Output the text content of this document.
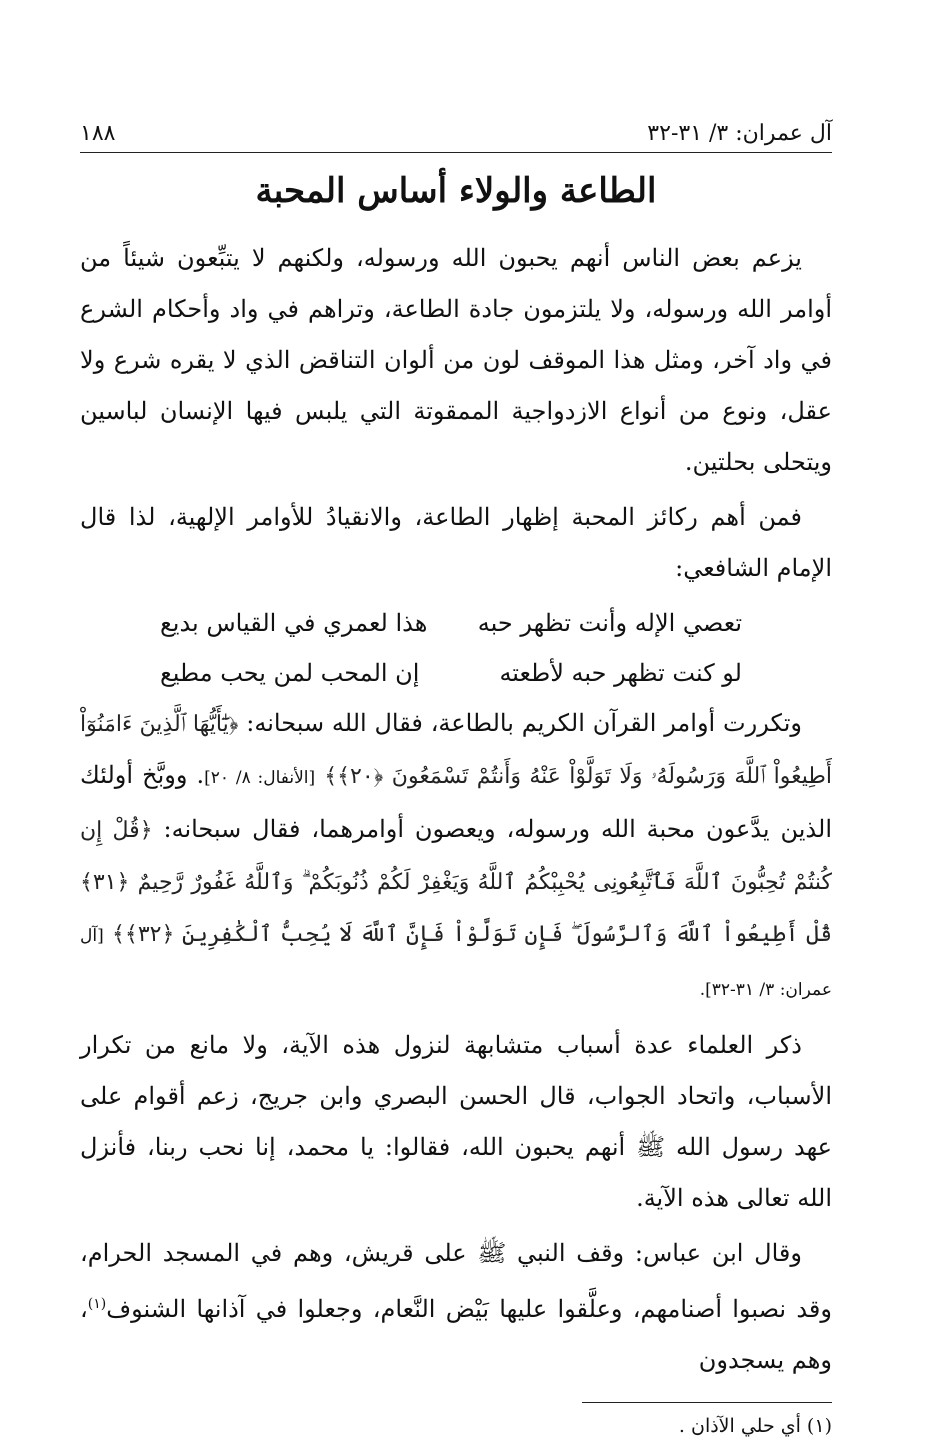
آل عمران: ٣/ ٣١-٣٢
١٨٨
الطاعة والولاء أساس المحبة

يزعم بعض الناس أنهم يحبون الله ورسوله، ولكنهم لا يتبِّعون شيئاً من أوامر الله ورسوله، ولا يلتزمون جادة الطاعة، وتراهم في واد وأحكام الشرع في واد آخر، ومثل هذا الموقف لون من ألوان التناقض الذي لا يقره شرع ولا عقل، ونوع من أنواع الازدواجية الممقوتة التي يلبس فيها الإنسان لباسين ويتحلى بحلتين.

فمن أهم ركائز المحبة إظهار الطاعة، والانقيادُ للأوامر الإلهية، لذا قال الإمام الشافعي:

تعصي الإله وأنت تظهر حبه
هذا لعمري في القياس بديع
لو كنت تظهر حبه لأطعته
إن المحب لمن يحب مطيع

وتكررت أوامر القرآن الكريم بالطاعة، فقال الله سبحانه: ﴿يَٰٓأَيُّهَا ٱلَّذِينَ ءَامَنُوٓاْ أَطِيعُواْ ٱللَّهَ وَرَسُولَهُۥ وَلَا تَوَلَّوْاْ عَنْهُ وَأَنتُمْ تَسْمَعُونَ ﴿٢٠﴾﴾ [الأنفال: ٨/ ٢٠]. ووبَّخ أولئك الذين يدَّعون محبة الله ورسوله، ويعصون أوامرهما، فقال سبحانه: ﴿قُلْ إِن كُنتُمْ تُحِبُّونَ ٱللَّهَ فَٱتَّبِعُونِى يُحْبِبْكُمُ ٱللَّهُ وَيَغْفِرْ لَكُمْ ذُنُوبَكُمْ ۗ وَٱللَّهُ غَفُورٌ رَّحِيمٌ ﴿٣١﴾ قُلْ أَطِيعُواْ ٱللَّهَ وَٱلرَّسُولَ ۖ فَإِن تَوَلَّوْاْ فَإِنَّ ٱللَّهَ لَا يُحِبُّ ٱلْكَٰفِرِينَ ﴿٣٢﴾﴾ [آل عمران: ٣/ ٣١-٣٢].

ذكر العلماء عدة أسباب متشابهة لنزول هذه الآية، ولا مانع من تكرار الأسباب، واتحاد الجواب، قال الحسن البصري وابن جريج، زعم أقوام على عهد رسول الله ﷺ أنهم يحبون الله، فقالوا: يا محمد، إنا نحب ربنا، فأنزل الله تعالى هذه الآية.

وقال ابن عباس: وقف النبي ﷺ على قريش، وهم في المسجد الحرام، وقد نصبوا أصنامهم، وعلَّقوا عليها بَيْض النَّعام، وجعلوا في آذانها الشنوف$^{(١)}$، وهم يسجدون

(١) أي حلي الآذان .
